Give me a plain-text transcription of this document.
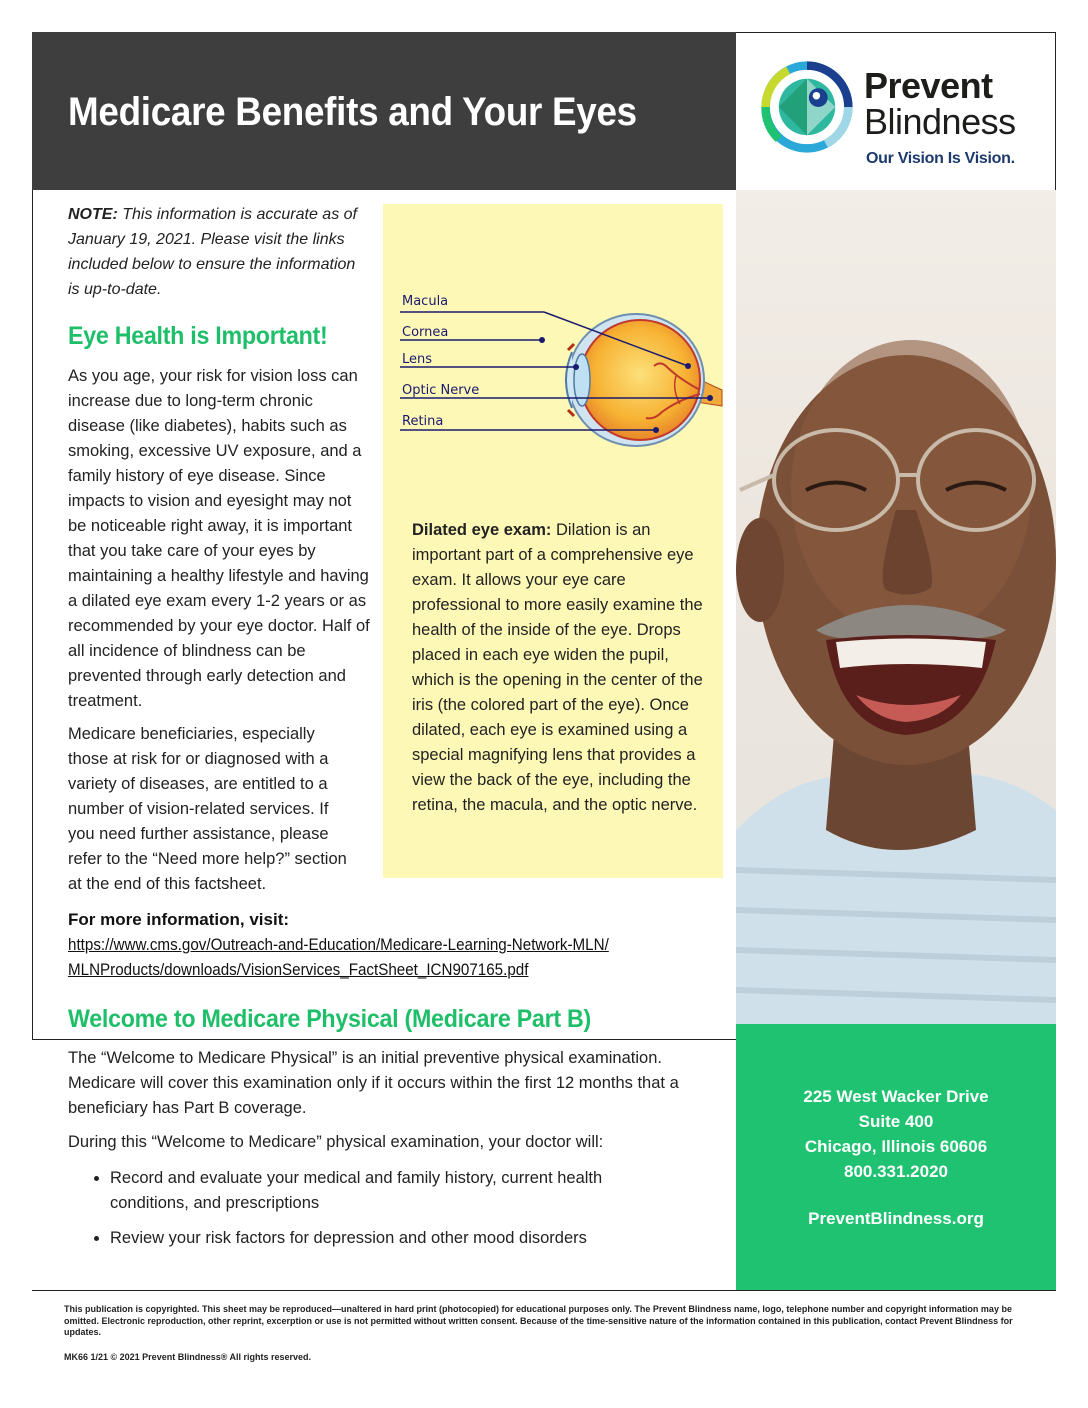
Medicare Benefits and Your Eyes
Prevent
Blindness
Our Vision Is Vision.

NOTE: This information is accurate as of January 19, 2021. Please visit the links included below to ensure the information is up-to-date.

Eye Health is Important!

As you age, your risk for vision loss can increase due to long-term chronic disease (like diabetes), habits such as smoking, excessive UV exposure, and a family history of eye disease. Since impacts to vision and eyesight may not be noticeable right away, it is important that you take care of your eyes by maintaining a healthy lifestyle and having a dilated eye exam every 1-2 years or as recommended by your eye doctor. Half of all incidence of blindness can be prevented through early detection and treatment.

Medicare beneficiaries, especially those at risk for or diagnosed with a variety of diseases, are entitled to a number of vision-related services. If you need further assistance, please refer to the “Need more help?” section at the end of this factsheet.

Macula
Cornea
Lens
Optic Nerve
Retina

Dilated eye exam: Dilation is an important part of a comprehensive eye exam. It allows your eye care professional to more easily examine the health of the inside of the eye. Drops placed in each eye widen the pupil, which is the opening in the center of the iris (the colored part of the eye). Once dilated, each eye is examined using a special magnifying lens that provides a view the back of the eye, including the retina, the macula, and the optic nerve.

For more information, visit:
https://www.cms.gov/Outreach-and-Education/Medicare-Learning-Network-MLN/
MLNProducts/downloads/VisionServices_FactSheet_ICN907165.pdf
Welcome to Medicare Physical (Medicare Part B)

The “Welcome to Medicare Physical” is an initial preventive physical examination. Medicare will cover this examination only if it occurs within the first 12 months that a beneficiary has Part B coverage.

During this “Welcome to Medicare” physical examination, your doctor will:

• Record and evaluate your medical and family history, current health conditions, and prescriptions
• Review your risk factors for depression and other mood disorders
225 West Wacker Drive
Suite 400
Chicago, Illinois 60606
800.331.2020
PreventBlindness.org

This publication is copyrighted. This sheet may be reproduced—unaltered in hard print (photocopied) for educational purposes only. The Prevent Blindness name, logo, telephone number and copyright information may be omitted. Electronic reproduction, other reprint, excerption or use is not permitted without written consent. Because of the time-sensitive nature of the information contained in this publication, contact Prevent Blindness for updates.

MK66 1/21 © 2021 Prevent Blindness® All rights reserved.
